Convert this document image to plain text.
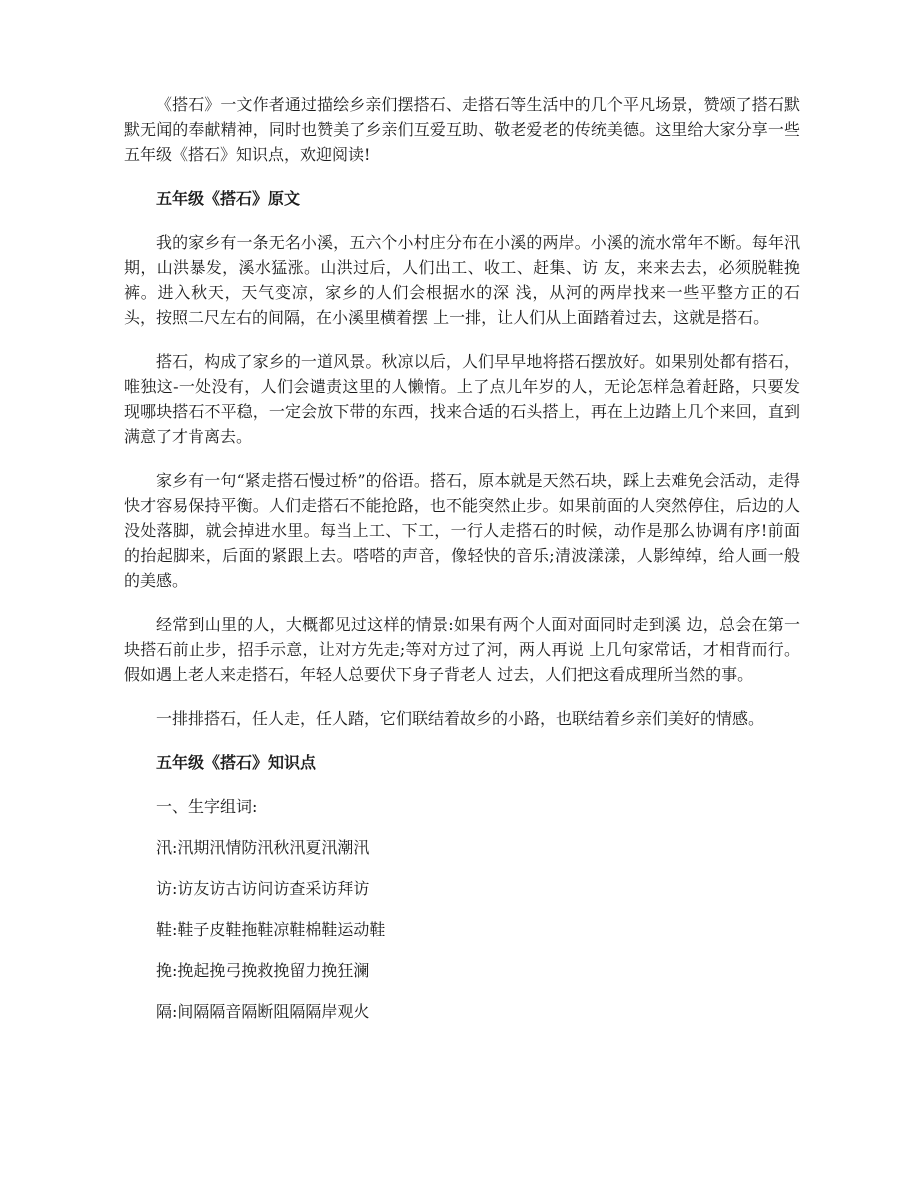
《搭石》一文作者通过描绘乡亲们摆搭石、走搭石等生活中的几个平凡场景，赞颂了搭石默默无闻的奉献精神，同时也赞美了乡亲们互爱互助、敬老爱老的传统美德。这里给大家分享一些五年级《搭石》知识点，欢迎阅读!

五年级《搭石》原文

我的家乡有一条无名小溪，五六个小村庄分布在小溪的两岸。小溪的流水常年不断。每年汛期，山洪暴发，溪水猛涨。山洪过后，人们出工、收工、赶集、访 友，来来去去，必须脱鞋挽裤。进入秋天，天气变凉，家乡的人们会根据水的深 浅，从河的两岸找来一些平整方正的石头，按照二尺左右的间隔，在小溪里横着摆 上一排，让人们从上面踏着过去，这就是搭石。

搭石，构成了家乡的一道风景。秋凉以后，人们早早地将搭石摆放好。如果别处都有搭石，唯独这-一处没有，人们会谴责这里的人懒惰。上了点儿年岁的人，无论怎样急着赶路，只要发现哪块搭石不平稳，一定会放下带的东西，找来合适的石头搭上，再在上边踏上几个来回，直到满意了才肯离去。

家乡有一句“紧走搭石慢过桥”的俗语。搭石，原本就是天然石块，踩上去难免会活动，走得快才容易保持平衡。人们走搭石不能抢路，也不能突然止步。如果前面的人突然停住，后边的人没处落脚，就会掉进水里。每当上工、下工，一行人走搭石的时候，动作是那么协调有序!前面的抬起脚来，后面的紧跟上去。嗒嗒的声音，像轻快的音乐;清波漾漾，人影绰绰，给人画一般的美感。

经常到山里的人，大概都见过这样的情景:如果有两个人面对面同时走到溪 边，总会在第一块搭石前止步，招手示意，让对方先走;等对方过了河，两人再说 上几句家常话，才相背而行。假如遇上老人来走搭石，年轻人总要伏下身子背老人 过去，人们把这看成理所当然的事。

一排排搭石，任人走，任人踏，它们联结着故乡的小路，也联结着乡亲们美好的情感。

五年级《搭石》知识点

一、生字组词:

汛:汛期汛情防汛秋汛夏汛潮汛

访:访友访古访问访查采访拜访

鞋:鞋子皮鞋拖鞋凉鞋棉鞋运动鞋

挽:挽起挽弓挽救挽留力挽狂澜

隔:间隔隔音隔断阻隔隔岸观火
